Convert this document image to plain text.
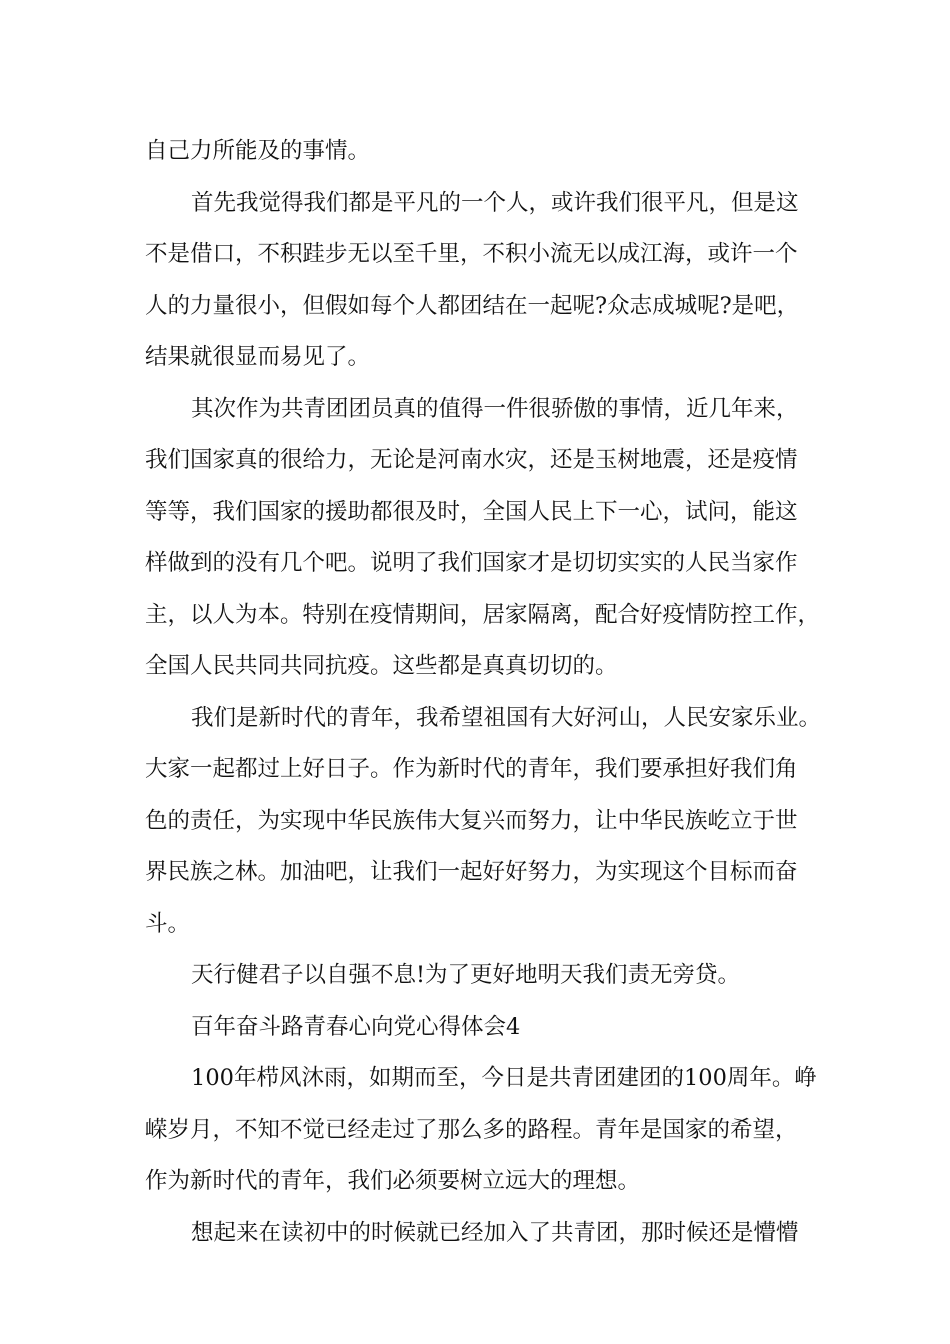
自己力所能及的事情。
首先我觉得我们都是平凡的一个人，或许我们很平凡，但是这
不是借口，不积跬步无以至千里，不积小流无以成江海，或许一个
人的力量很小，但假如每个人都团结在一起呢?众志成城呢?是吧，
结果就很显而易见了。
其次作为共青团团员真的值得一件很骄傲的事情，近几年来，
我们国家真的很给力，无论是河南水灾，还是玉树地震，还是疫情
等等，我们国家的援助都很及时，全国人民上下一心，试问，能这
样做到的没有几个吧。说明了我们国家才是切切实实的人民当家作
主，以人为本。特别在疫情期间，居家隔离，配合好疫情防控工作，
全国人民共同共同抗疫。这些都是真真切切的。
我们是新时代的青年，我希望祖国有大好河山，人民安家乐业。
大家一起都过上好日子。作为新时代的青年，我们要承担好我们角
色的责任，为实现中华民族伟大复兴而努力，让中华民族屹立于世
界民族之林。加油吧，让我们一起好好努力，为实现这个目标而奋
斗。
天行健君子以自强不息!为了更好地明天我们责无旁贷。
百年奋斗路青春心向党心得体会4
100年栉风沐雨，如期而至，今日是共青团建团的100周年。峥
嵘岁月，不知不觉已经走过了那么多的路程。青年是国家的希望，
作为新时代的青年，我们必须要树立远大的理想。
想起来在读初中的时候就已经加入了共青团，那时候还是懵懵
